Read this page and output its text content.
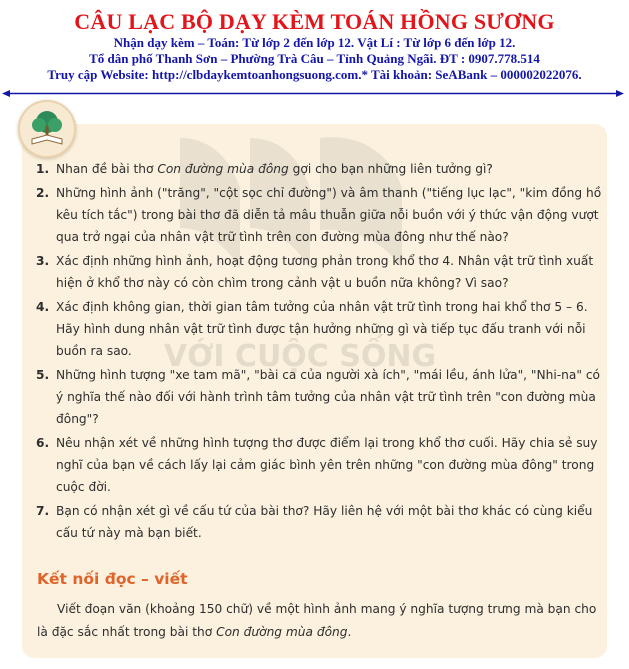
CÂU LẠC BỘ DẠY KÈM TOÁN HỒNG SƯƠNG
Nhận dạy kèm – Toán: Từ lớp 2 đến lớp 12. Vật Lí : Từ lớp 6 đến lớp 12.
Tổ dân phố Thanh Sơn – Phường Trà Câu – Tỉnh Quảng Ngãi. ĐT : 0907.778.514
Truy cập Website: http://clbdaykemtoanhongsuong.com.* Tài khoản: SeABank – 000002022076.
VỚI CUỘC SỐNG
1. Nhan đề bài thơ Con đường mùa đông gợi cho bạn những liên tưởng gì?
2. Những hình ảnh ("trăng", "cột sọc chỉ đường") và âm thanh ("tiếng lục lạc", "kim đồng hồ kêu tích tắc") trong bài thơ đã diễn tả mâu thuẫn giữa nỗi buồn với ý thức vận động vượt qua trở ngại của nhân vật trữ tình trên con đường mùa đông như thế nào?
3. Xác định những hình ảnh, hoạt động tương phản trong khổ thơ 4. Nhân vật trữ tình xuất hiện ở khổ thơ này có còn chìm trong cảnh vật u buồn nữa không? Vì sao?
4. Xác định không gian, thời gian tâm tưởng của nhân vật trữ tình trong hai khổ thơ 5 – 6. Hãy hình dung nhân vật trữ tình được tận hưởng những gì và tiếp tục đấu tranh với nỗi buồn ra sao.
5. Những hình tượng "xe tam mã", "bài ca của người xà ích", "mái lều, ánh lửa", "Nhi-na" có ý nghĩa thế nào đối với hành trình tâm tưởng của nhân vật trữ tình trên "con đường mùa đông"?
6. Nêu nhận xét về những hình tượng thơ được điểm lại trong khổ thơ cuối. Hãy chia sẻ suy nghĩ của bạn về cách lấy lại cảm giác bình yên trên những "con đường mùa đông" trong cuộc đời.
7. Bạn có nhận xét gì về cấu tứ của bài thơ? Hãy liên hệ với một bài thơ khác có cùng kiểu cấu tứ này mà bạn biết.
Kết nối đọc – viết
Viết đoạn văn (khoảng 150 chữ) về một hình ảnh mang ý nghĩa tượng trưng mà bạn cho là đặc sắc nhất trong bài thơ Con đường mùa đông.
